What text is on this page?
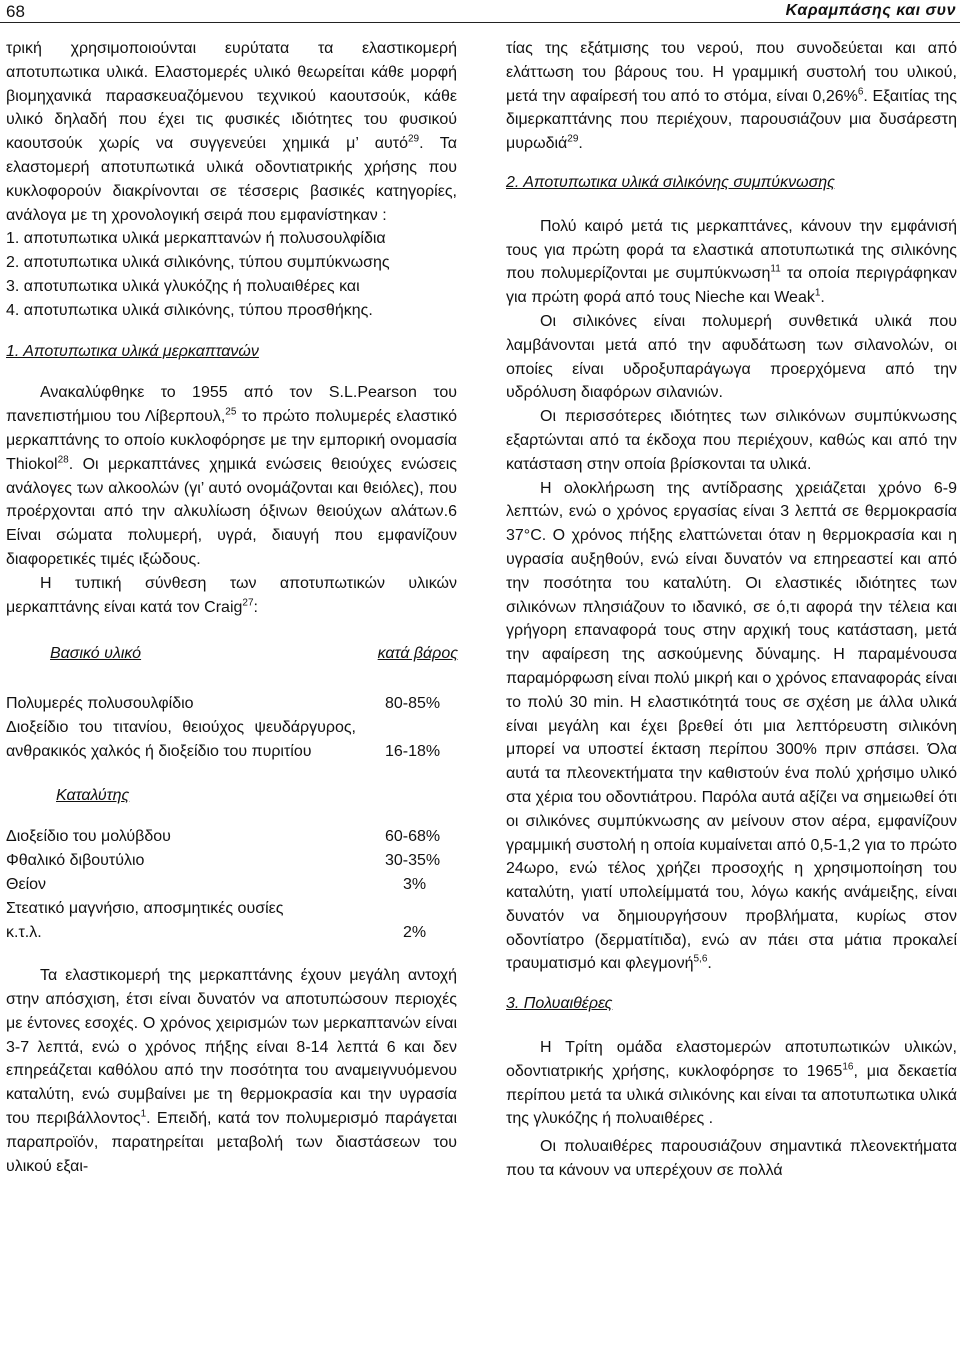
68	Καραμπάσης και συν

τρική χρησιμοποιούνται ευρύτατα τα ελαστικομερή αποτυπωτικα υλικά. Ελαστομερές υλικό θεωρείται κάθε μορφή βιομηχανικά παρασκευαζόμενου τεχνικού καουτσούκ, κάθε υλικό δηλαδή που έχει τις φυσικές ιδιότητες του φυσικού καουτσούκ χωρίς να συγγενεύει χημικά μ’ αυτό$^{29}$. Τα ελαστομερή αποτυπωτικά υλικά οδοντιατρικής χρήσης που κυκλοφορούν διακρίνονται σε τέσσερις βασικές κατηγορίες, ανάλογα με τη χρονολογική σειρά που εμφανίστηκαν :

1. αποτυπωτικα υλικά μερκαπτανών ή πολυσουλφίδια

2. αποτυπωτικα υλικά σιλικόνης, τύπου συμπύκνωσης

3. αποτυπωτικα υλικά γλυκόζης ή πολυαιθέρες και

4. αποτυπωτικα υλικά σιλικόνης, τύπου προσθήκης.

1. Αποτυπωτικα υλικά μερκαπτανών

Ανακαλύφθηκε το 1955 από τον S.L.Pearson του πανεπιστήμιου του Λίβερπουλ,$^{25}$ το πρώτο πολυμερές ελαστικό μερκαπτάνης το οποίο κυκλοφόρησε με την εμπορική ονομασία Thiokol$^{28}$. Οι μερκαπτάνες χημικά ενώσεις θειούχες ενώσεις ανάλογες των αλκοολών (γι’ αυτό ονομάζονται και θειόλες), που προέρχονται από την αλκυλίωση όξινων θειούχων αλάτων.6 Είναι σώματα πολυμερή, υγρά, διαυγή που εμφανίζουν διαφορετικές τιμές ιξώδους.

Η τυπική σύνθεση των αποτυπωτικών υλικών μερκαπτάνης είναι κατά τον Craig$^{27}$:

Βασικό υλικό	κατά βάρος
Πολυμερές πολυσουλφίδιο	80-85%
Διοξείδιο του τιτανίου, θειούχος ψευδάργυρος, ανθρακικός χαλκός ή διοξείδιο του πυριτίου	16-18%

Καταλύτης

Διοξείδιο του μολύβδου	60-68%
Φθαλικό διβουτύλιο	30-35%
Θείον	3%
Στεατικό μαγνήσιο, αποσμητικές ουσίες
κ.τ.λ.	2%

Τα ελαστικομερή της μερκαπτάνης έχουν μεγάλη αντοχή στην απόσχιση, έτσι είναι δυνατόν να αποτυπώσουν περιοχές με έντονες εσοχές. Ο χρόνος χειρισμών των μερκαπτανών είναι 3-7 λεπτά, ενώ ο χρόνος πήξης είναι 8-14 λεπτά 6 και δεν επηρεάζεται καθόλου από την ποσότητα του αναμειγνυόμενου καταλύτη, ενώ συμβαίνει με τη θερμοκρασία και την υγρασία του περιβάλλοντος$^1$. Επειδή, κατά τον πολυμερισμό παράγεται παραπροϊόν, παρατηρείται μεταβολή των διαστάσεων του υλικού εξαι-

τίας της εξάτμισης του νερού, που συνοδεύεται και από ελάττωση του βάρους του. Η γραμμική συστολή του υλικού, μετά την αφαίρεσή του από το στόμα, είναι 0,26%$^6$. Εξαιτίας της διμερκαπτάνης που περιέχουν, παρουσιάζουν μια δυσάρεστη μυρωδιά$^{29}$.

2. Αποτυπωτικα υλικά σιλικόνης συμπύκνωσης

Πολύ καιρό μετά τις μερκαπτάνες, κάνουν την εμφάνισή τους για πρώτη φορά τα ελαστικά αποτυπωτικά της σιλικόνης που πολυμερίζονται με συμπύκνωση$^{11}$ τα οποία περιγράφηκαν για πρώτη φορά από τους Nieche και Weak$^1$.

Οι σιλικόνες είναι πολυμερή συνθετικά υλικά που λαμβάνονται μετά από την αφυδάτωση των σιλανολών, οι οποίες είναι υδροξυπαράγωγα προερχόμενα από την υδρόλυση διαφόρων σιλανιών.

Οι περισσότερες ιδιότητες των σιλικόνων συμπύκνωσης εξαρτώνται από τα έκδοχα που περιέχουν, καθώς και από την κατάσταση στην οποία βρίσκονται τα υλικά.

Η ολοκλήρωση της αντίδρασης χρειάζεται χρόνο 6-9 λεπτών, ενώ ο χρόνος εργασίας είναι 3 λεπτά σε θερμοκρασία 37°C. Ο χρόνος πήξης ελαττώνεται όταν η θερμοκρασία και η υγρασία αυξηθούν, ενώ είναι δυνατόν να επηρεαστεί και από την ποσότητα του καταλύτη. Οι ελαστικές ιδιότητες των σιλικόνων πλησιάζουν το ιδανικό, σε ό,τι αφορά την τέλεια και γρήγορη επαναφορά τους στην αρχική τους κατάσταση, μετά την αφαίρεση της ασκούμενης δύναμης. Η παραμένουσα παραμόρφωση είναι πολύ μικρή και ο χρόνος επαναφοράς είναι το πολύ 30 min. Η ελαστικότητά τους σε σχέση με άλλα υλικά είναι μεγάλη και έχει βρεθεί ότι μια λεπτόρευστη σιλικόνη μπορεί να υποστεί έκταση περίπου 300% πριν σπάσει. Όλα αυτά τα πλεονεκτήματα την καθιστούν ένα πολύ χρήσιμο υλικό στα χέρια του οδοντιάτρου. Παρόλα αυτά αξίζει να σημειωθεί ότι οι σιλικόνες συμπύκνωσης αν μείνουν στον αέρα, εμφανίζουν γραμμική συστολή η οποία κυμαίνεται από 0,5-1,2 για το πρώτο 24ωρο, ενώ τέλος χρήζει προσοχής η χρησιμοποίηση του καταλύτη, γιατί υπολείμματά του, λόγω κακής ανάμειξης, είναι δυνατόν να δημιουργήσουν προβλήματα, κυρίως στον οδοντίατρο (δερματίτιδα), ενώ αν πάει στα μάτια προκαλεί τραυματισμό και φλεγμονή$^{5,6}$.

3. Πολυαιθέρες

Η Τρίτη ομάδα ελαστομερών αποτυπωτικών υλικών, οδοντιατρικής χρήσης, κυκλοφόρησε το 1965$^{16}$, μια δεκαετία περίπου μετά τα υλικά σιλικόνης και είναι τα αποτυπωτικα υλικά της γλυκόζης ή πολυαιθέρες .

Οι πολυαιθέρες παρουσιάζουν σημαντικά πλεονεκτήματα που τα κάνουν να υπερέχουν σε πολλά
